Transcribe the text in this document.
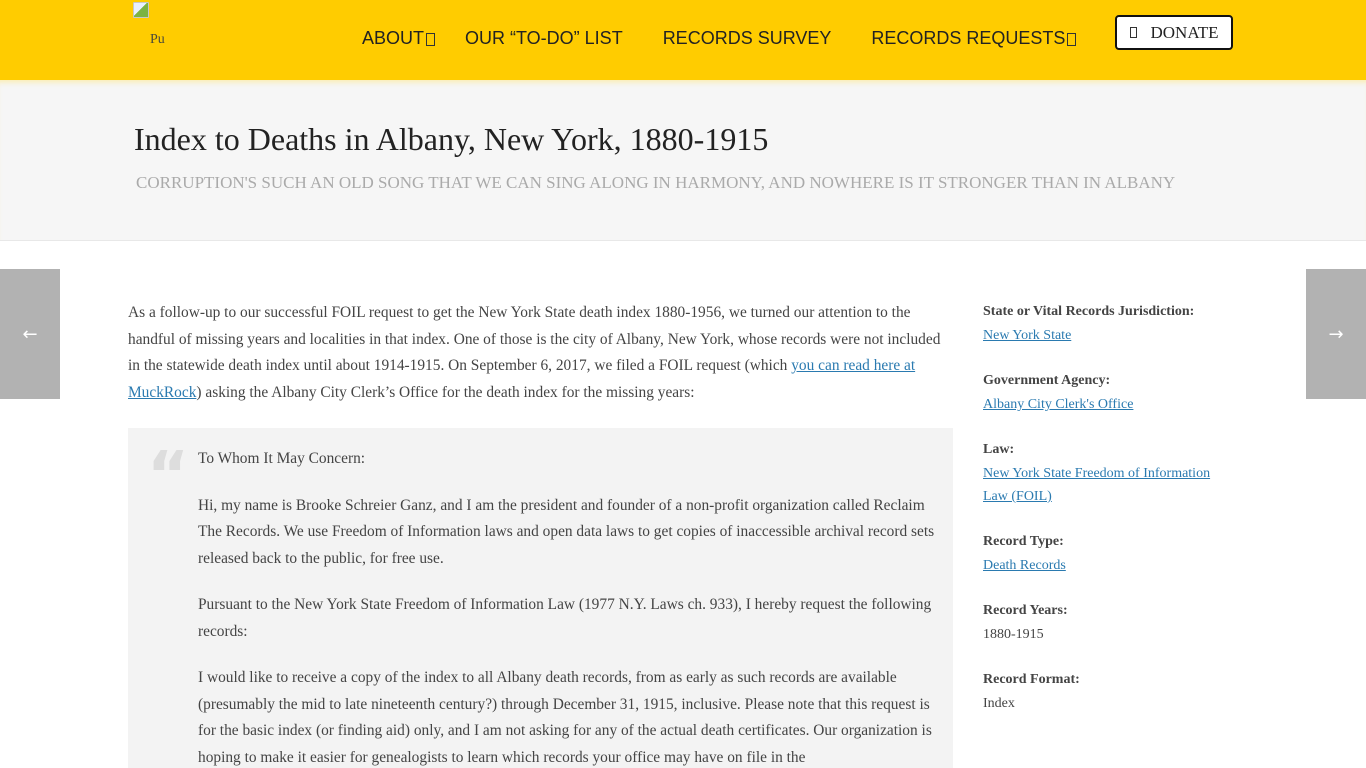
Pu	ABOUT OUR “TO-DO” LIST RECORDS SURVEY RECORDS REQUESTS	DONATE
Index to Deaths in Albany, New York, 1880-1915
CORRUPTION'S SUCH AN OLD SONG THAT WE CAN SING ALONG IN HARMONY, AND NOWHERE IS IT STRONGER THAN IN ALBANY
←	→

As a follow-up to our successful FOIL request to get the New York State death index 1880-1956, we turned our attention to the handful of missing years and localities in that index. One of those is the city of Albany, New York, whose records were not included in the statewide death index until about 1914-1915. On September 6, 2017, we filed a FOIL request (which you can read here at MuckRock) asking the Albany City Clerk’s Office for the death index for the missing years:

“ To Whom It May Concern:

Hi, my name is Brooke Schreier Ganz, and I am the president and founder of a non-profit organization called Reclaim The Records. We use Freedom of Information laws and open data laws to get copies of inaccessible archival record sets released back to the public, for free use.

Pursuant to the New York State Freedom of Information Law (1977 N.Y. Laws ch. 933), I hereby request the following records:

I would like to receive a copy of the index to all Albany death records, from as early as such records are available (presumably the mid to late nineteenth century?) through December 31, 1915, inclusive. Please note that this request is for the basic index (or finding aid) only, and I am not asking for any of the actual death certificates. Our organization is hoping to make it easier for genealogists to learn which records your office may have on file in the

State or Vital Records Jurisdiction:
New York State
Government Agency:
Albany City Clerk's Office
Law:
New York State Freedom of Information Law (FOIL)
Record Type:
Death Records
Record Years:
1880-1915
Record Format:
Index
